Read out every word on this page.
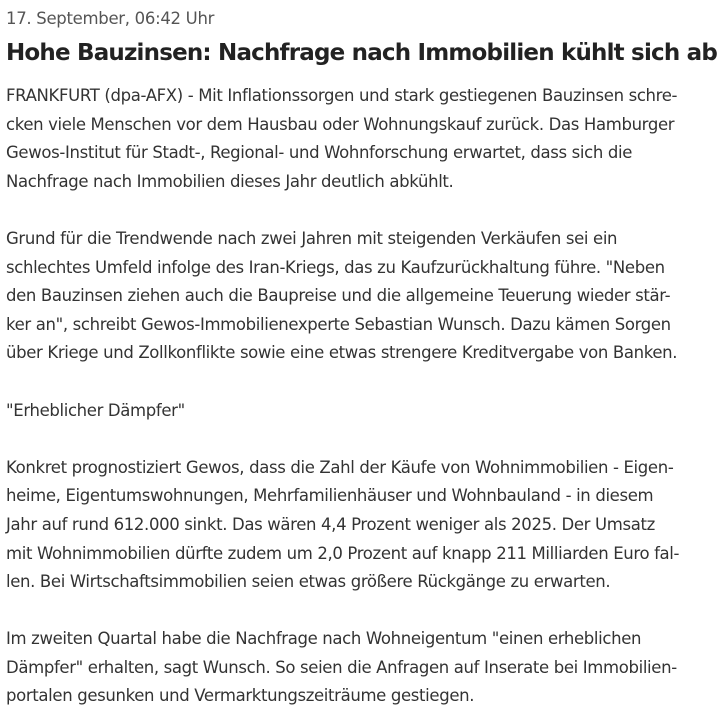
17. September, 06:42 Uhr

Hohe Bauzinsen: Nachfrage nach Immobilien kühlt sich ab

FRANKFURT (dpa-AFX) - Mit Inflationssorgen und stark gestiegenen Bauzinsen schre-
cken viele Menschen vor dem Hausbau oder Wohnungskauf zurück. Das Hamburger
Gewos-Institut für Stadt-, Regional- und Wohnforschung erwartet, dass sich die
Nachfrage nach Immobilien dieses Jahr deutlich abkühlt.

Grund für die Trendwende nach zwei Jahren mit steigenden Verkäufen sei ein
schlechtes Umfeld infolge des Iran-Kriegs, das zu Kaufzurückhaltung führe. "Neben
den Bauzinsen ziehen auch die Baupreise und die allgemeine Teuerung wieder stär-
ker an", schreibt Gewos-Immobilienexperte Sebastian Wunsch. Dazu kämen Sorgen
über Kriege und Zollkonflikte sowie eine etwas strengere Kreditvergabe von Banken.

"Erheblicher Dämpfer"

Konkret prognostiziert Gewos, dass die Zahl der Käufe von Wohnimmobilien - Eigen-
heime, Eigentumswohnungen, Mehrfamilienhäuser und Wohnbauland - in diesem
Jahr auf rund 612.000 sinkt. Das wären 4,4 Prozent weniger als 2025. Der Umsatz
mit Wohnimmobilien dürfte zudem um 2,0 Prozent auf knapp 211 Milliarden Euro fal-
len. Bei Wirtschaftsimmobilien seien etwas größere Rückgänge zu erwarten.

Im zweiten Quartal habe die Nachfrage nach Wohneigentum "einen erheblichen
Dämpfer" erhalten, sagt Wunsch. So seien die Anfragen auf Inserate bei Immobilien-
portalen gesunken und Vermarktungszeiträume gestiegen.
